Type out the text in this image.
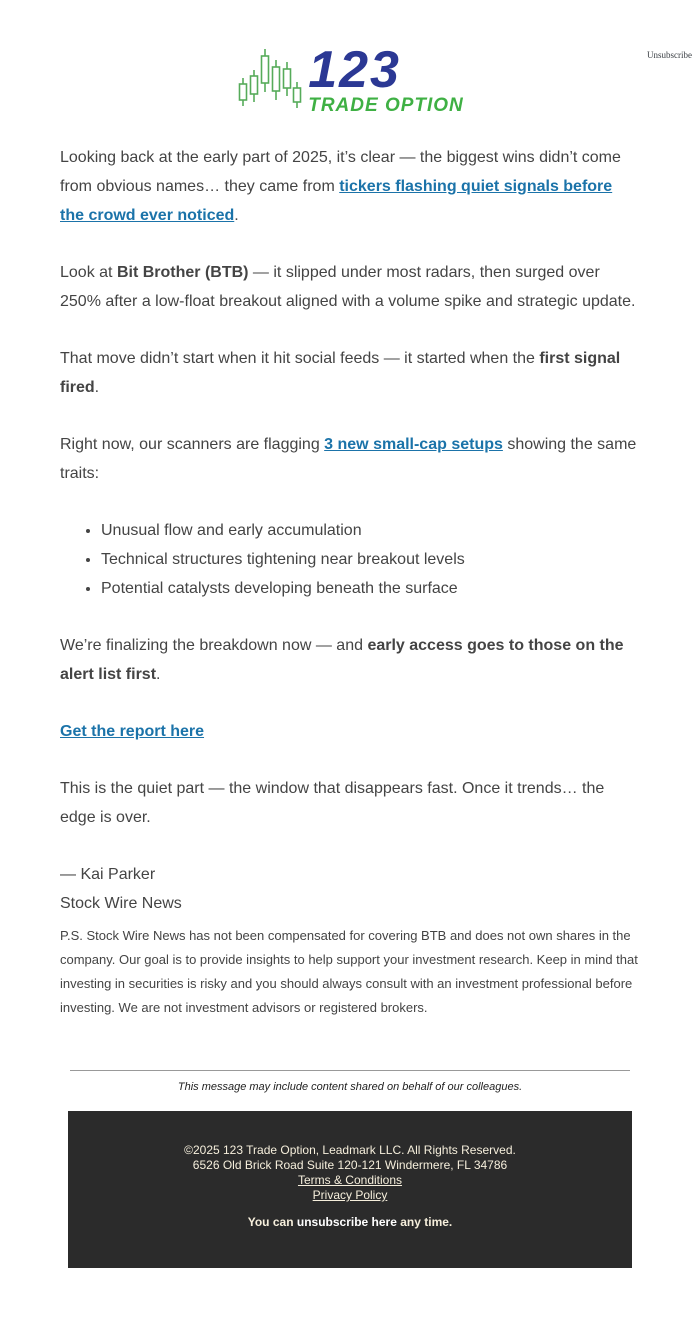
Unsubscribe
123
TRADE OPTION

Looking back at the early part of 2025, it’s clear — the biggest wins didn’t come from obvious names… they came from tickers flashing quiet signals before the crowd ever noticed.

Look at Bit Brother (BTB) — it slipped under most radars, then surged over 250% after a low-float breakout aligned with a volume spike and strategic update.

That move didn’t start when it hit social feeds — it started when the first signal fired.

Right now, our scanners are flagging 3 new small-cap setups showing the same traits:

• Unusual flow and early accumulation
• Technical structures tightening near breakout levels
• Potential catalysts developing beneath the surface

We’re finalizing the breakdown now — and early access goes to those on the alert list first.

Get the report here

This is the quiet part — the window that disappears fast. Once it trends… the edge is over.

— Kai Parker
Stock Wire News

P.S. Stock Wire News has not been compensated for covering BTB and does not own shares in the company. Our goal is to provide insights to help support your investment research. Keep in mind that investing in securities is risky and you should always consult with an investment professional before investing. We are not investment advisors or registered brokers.

This message may include content shared on behalf of our colleagues.
©2025 123 Trade Option, Leadmark LLC. All Rights Reserved.
6526 Old Brick Road Suite 120-121 Windermere, FL 34786
Terms & Conditions
Privacy Policy
You can unsubscribe here any time.
